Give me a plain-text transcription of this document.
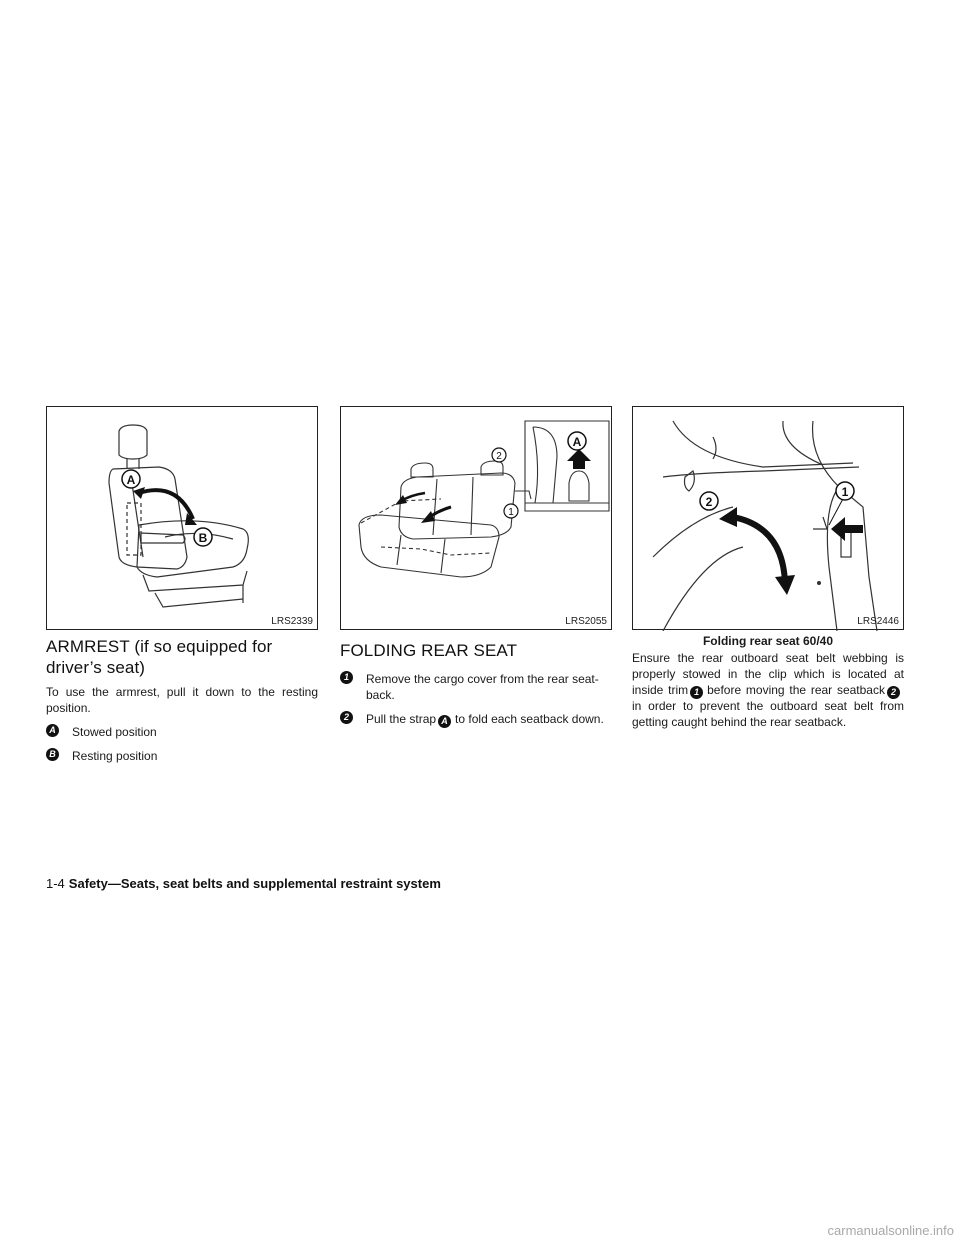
A
B
LRS2339
A
2
1
LRS2055
1
2
LRS2446
ARMREST (if so equipped for driver’s seat)

To use the armrest, pull it down to the resting position.

A Stowed position
B Resting position
FOLDING REAR SEAT
1	Remove the cargo cover from the rear seat-back.
2	Pull the strap A to fold each seatback down.
Folding rear seat 60/40

Ensure the rear outboard seat belt webbing is properly stowed in the clip which is located at inside trim 1 before moving the rear seatback 2in order to prevent the outboard seat belt from getting caught behind the rear seatback.

1-4 Safety—Seats, seat belts and supplemental restraint system
carmanualsonline.info
